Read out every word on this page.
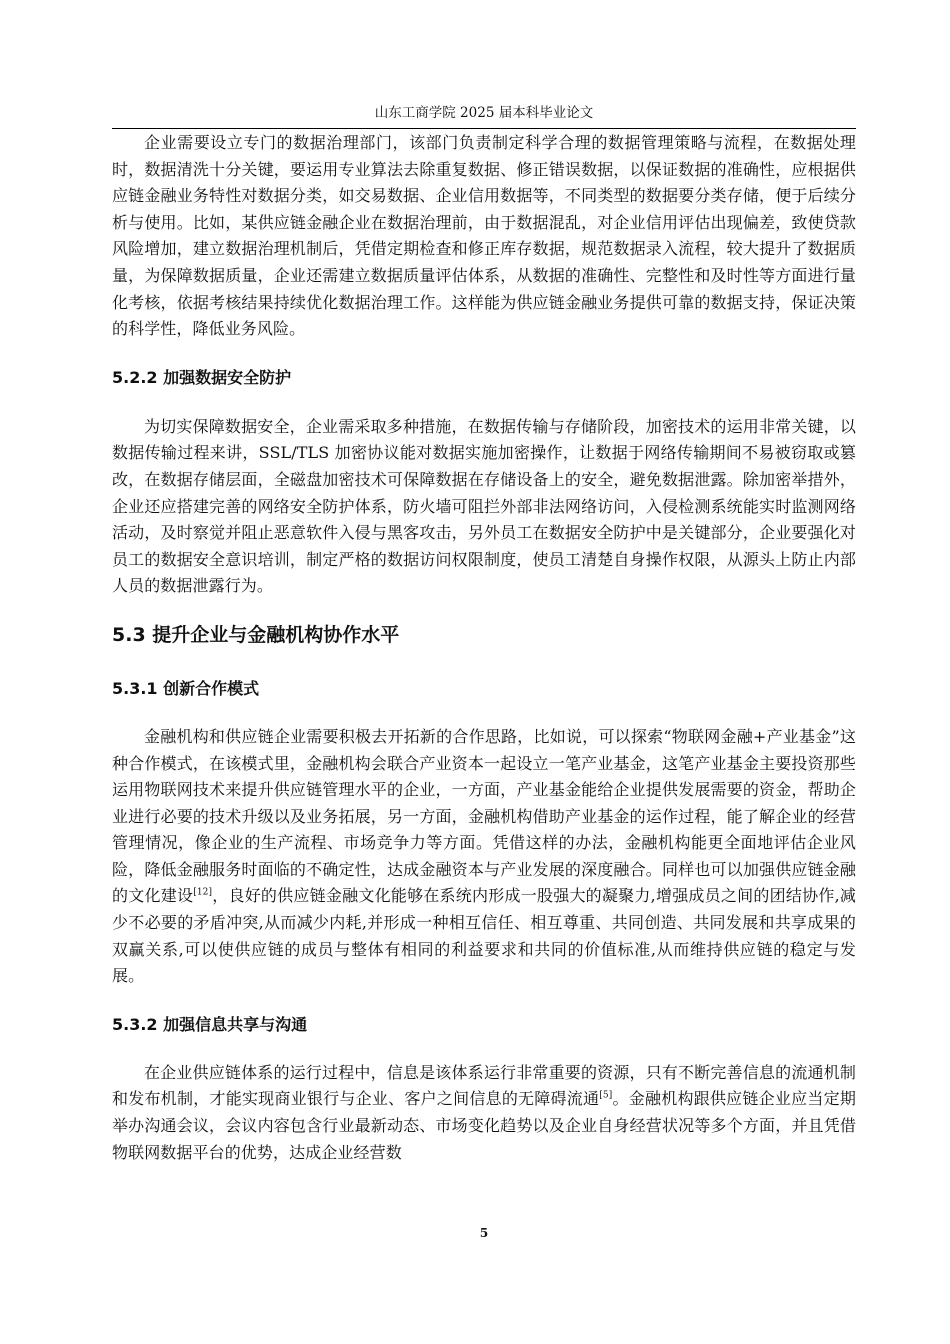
山东工商学院 2025 届本科毕业论文

企业需要设立专门的数据治理部门，该部门负责制定科学合理的数据管理策略与流程，在数据处理时，数据清洗十分关键，要运用专业算法去除重复数据、修正错误数据，以保证数据的准确性，应根据供应链金融业务特性对数据分类，如交易数据、企业信用数据等，不同类型的数据要分类存储，便于后续分析与使用。比如，某供应链金融企业在数据治理前，由于数据混乱，对企业信用评估出现偏差，致使贷款风险增加，建立数据治理机制后，凭借定期检查和修正库存数据，规范数据录入流程，较大提升了数据质量，为保障数据质量，企业还需建立数据质量评估体系，从数据的准确性、完整性和及时性等方面进行量化考核，依据考核结果持续优化数据治理工作。这样能为供应链金融业务提供可靠的数据支持，保证决策的科学性，降低业务风险。

5.2.2 加强数据安全防护

为切实保障数据安全，企业需采取多种措施，在数据传输与存储阶段，加密技术的运用非常关键，以数据传输过程来讲，SSL/TLS 加密协议能对数据实施加密操作，让数据于网络传输期间不易被窃取或篡改，在数据存储层面，全磁盘加密技术可保障数据在存储设备上的安全，避免数据泄露。除加密举措外，企业还应搭建完善的网络安全防护体系，防火墙可阻拦外部非法网络访问，入侵检测系统能实时监测网络活动，及时察觉并阻止恶意软件入侵与黑客攻击，另外员工在数据安全防护中是关键部分，企业要强化对员工的数据安全意识培训，制定严格的数据访问权限制度，使员工清楚自身操作权限，从源头上防止内部人员的数据泄露行为。

5.3 提升企业与金融机构协作水平
5.3.1 创新合作模式

金融机构和供应链企业需要积极去开拓新的合作思路，比如说，可以探索“物联网金融+产业基金”这种合作模式，在该模式里，金融机构会联合产业资本一起设立一笔产业基金，这笔产业基金主要投资那些运用物联网技术来提升供应链管理水平的企业，一方面，产业基金能给企业提供发展需要的资金，帮助企业进行必要的技术升级以及业务拓展，另一方面，金融机构借助产业基金的运作过程，能了解企业的经营管理情况，像企业的生产流程、市场竞争力等方面。凭借这样的办法，金融机构能更全面地评估企业风险，降低金融服务时面临的不确定性，达成金融资本与产业发展的深度融合。同样也可以加强供应链金融的文化建设[12]，良好的供应链金融文化能够在系统内形成一股强大的凝聚力,增强成员之间的团结协作,减少不必要的矛盾冲突,从而减少内耗,并形成一种相互信任、相互尊重、共同创造、共同发展和共享成果的双赢关系,可以使供应链的成员与整体有相同的利益要求和共同的价值标准,从而维持供应链的稳定与发展。

5.3.2 加强信息共享与沟通

在企业供应链体系的运行过程中，信息是该体系运行非常重要的资源，只有不断完善信息的流通机制和发布机制，才能实现商业银行与企业、客户之间信息的无障碍流通[5]。金融机构跟供应链企业应当定期举办沟通会议，会议内容包含行业最新动态、市场变化趋势以及企业自身经营状况等多个方面，并且凭借物联网数据平台的优势，达成企业经营数

5
